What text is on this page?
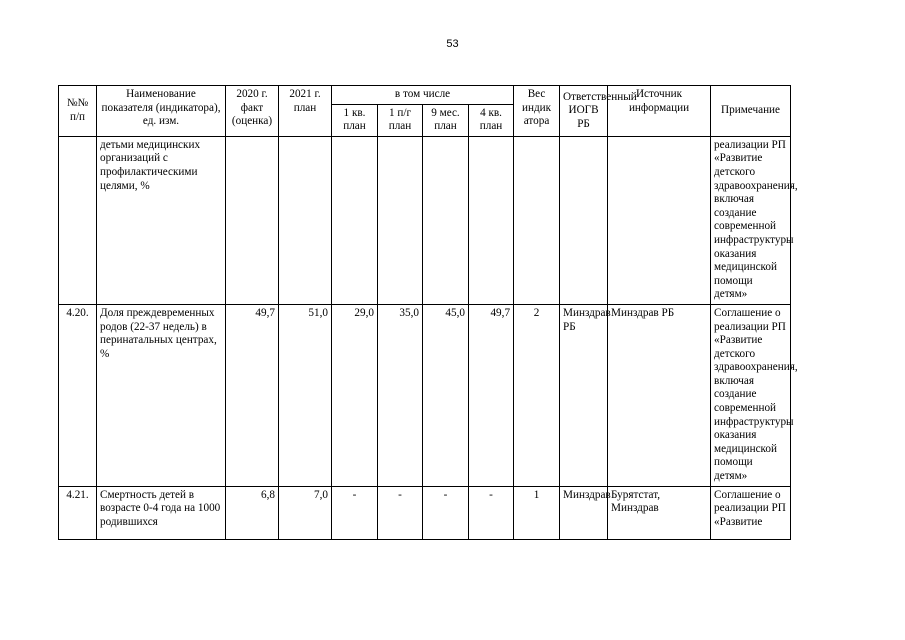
53
№№ п/п	Наименование показателя (индикатора), ед. изм.	2020 г. факт (оценка)	2021 г. план	в том числе				Вес индик атора	Ответственный ИОГВ РБ	Источник информации	Примечание
				1 кв. план	1 п/г план	9 мес. план	4 кв. план				
	детьми медицинских организаций с профилактическими целями, %										реализации РП «Развитие детского здравоохранения, включая создание современной инфраструктуры оказания медицинской помощи детям»
4.20.	Доля преждевременных родов (22-37 недель) в перинатальных центрах, %	49,7	51,0	29,0	35,0	45,0	49,7	2	Минздрав РБ	Минздрав РБ	Соглашение о реализации РП «Развитие детского здравоохранения, включая создание современной инфраструктуры оказания медицинской помощи детям»
4.21.	Смертность детей в возрасте 0-4 года на 1000 родившихся	6,8	7,0	-	-	-	-	1	Минздрав	Бурятстат, Минздрав	Соглашение о реализации РП «Развитие
